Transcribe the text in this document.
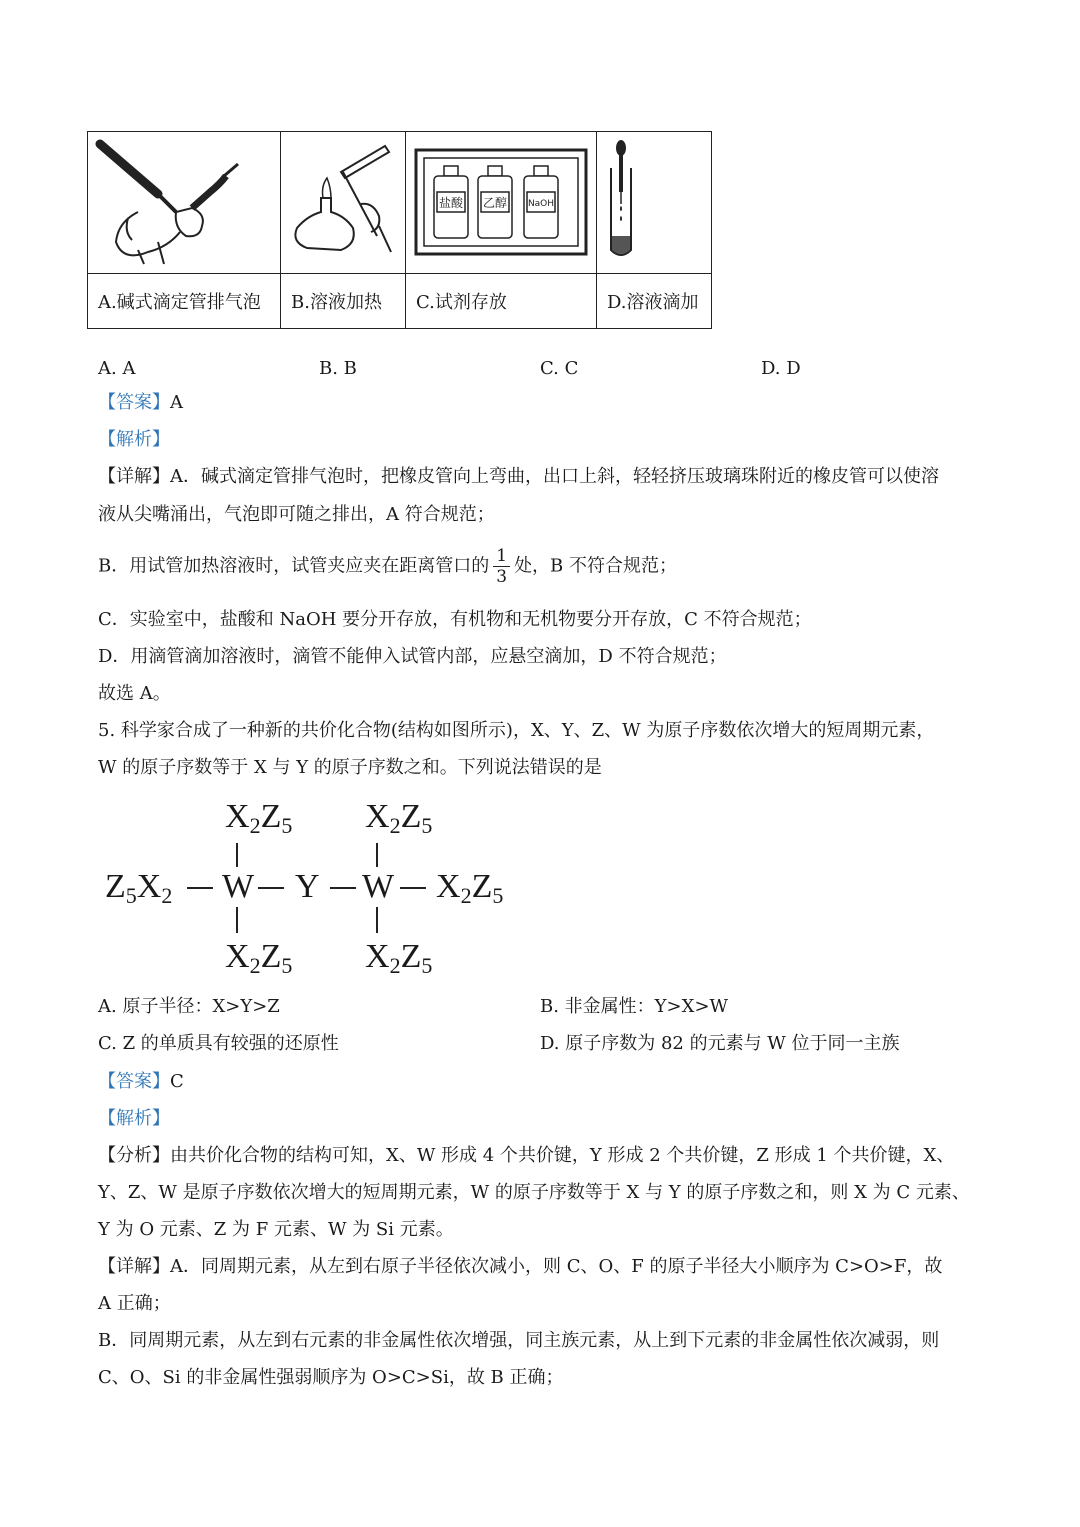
盐酸 乙醇 NaOH

A.碱式滴定管排气泡	B.溶液加热	C.试剂存放	D.溶液滴加
A. A	B. B	C. C	D. D
【答案】A
【解析】
【详解】A．碱式滴定管排气泡时，把橡皮管向上弯曲，出口上斜，轻轻挤压玻璃珠附近的橡皮管可以使溶
液从尖嘴涌出，气泡即可随之排出，A 符合规范；
B．用试管加热溶液时，试管夹应夹在距离管口的 $\frac{1}{3}$ 处，B 不符合规范；
C．实验室中，盐酸和 NaOH 要分开存放，有机物和无机物要分开存放，C 不符合规范；
D．用滴管滴加溶液时，滴管不能伸入试管内部，应悬空滴加，D 不符合规范；
故选 A。
5. 科学家合成了一种新的共价化合物(结构如图所示)，X、Y、Z、W 为原子序数依次增大的短周期元素，
W 的原子序数等于 X 与 Y 的原子序数之和。下列说法错误的是
$X_2Z_5$ $X_2Z_5$
$Z_5X_2$ W Y W $X_2Z_5$
$X_2Z_5$ $X_2Z_5$
A. 原子半径：X>Y>Z	B. 非金属性：Y>X>W
C. Z 的单质具有较强的还原性	D. 原子序数为 82 的元素与 W 位于同一主族
【答案】C
【解析】
【分析】由共价化合物的结构可知，X、W 形成 4 个共价键，Y 形成 2 个共价键，Z 形成 1 个共价键，X、
Y、Z、W 是原子序数依次增大的短周期元素，W 的原子序数等于 X 与 Y 的原子序数之和，则 X 为 C 元素、
Y 为 O 元素、Z 为 F 元素、W 为 Si 元素。
【详解】A．同周期元素，从左到右原子半径依次减小，则 C、O、F 的原子半径大小顺序为 C>O>F，故
A 正确；
B．同周期元素，从左到右元素的非金属性依次增强，同主族元素，从上到下元素的非金属性依次减弱，则
C、O、Si 的非金属性强弱顺序为 O>C>Si，故 B 正确；
